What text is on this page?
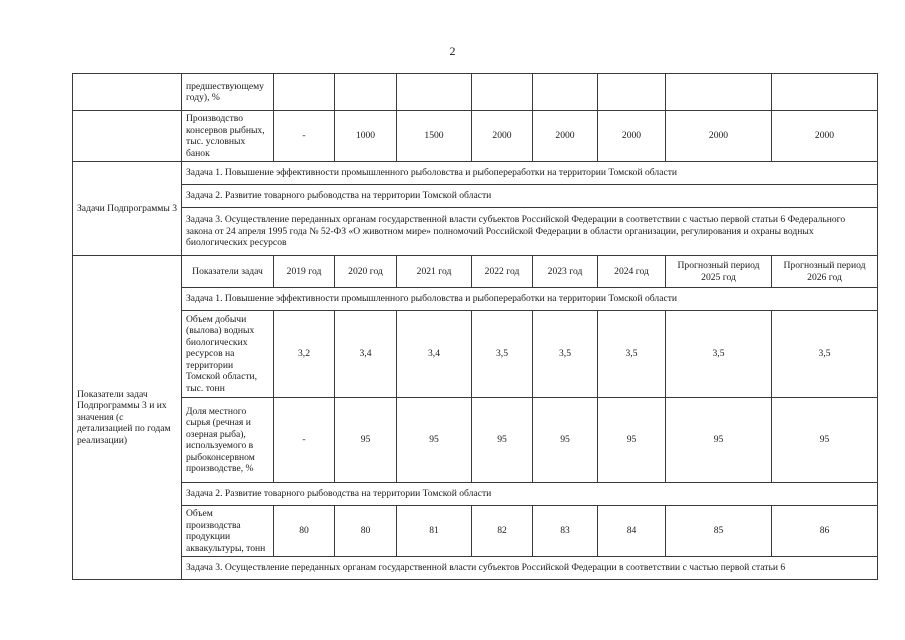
2
	предшествующему году), %								
	Производство консервов рыбных, тыс. условных банок	-	1000	1500	2000	2000	2000	2000	2000
Задачи Подпрограммы 3	Задача 1. Повышение эффективности промышленного рыболовства и рыбопереработки на территории Томской области								
	Задача 2. Развитие товарного рыбоводства на территории Томской области								
	Задача 3. Осуществление переданных органам государственной власти субъектов Российской Федерации в соответствии с частью первой статьи 6 Федерального закона от 24 апреля 1995 года № 52-ФЗ «О животном мире» полномочий Российской Федерации в области организации, регулирования и охраны водных биологических ресурсов								
Показатели задач Подпрограммы 3 и их значения (с детализацией по годам реализации)	Показатели задач	2019 год	2020 год	2021 год	2022 год	2023 год	2024 год	Прогнозный период 2025 год	Прогнозный период 2026 год
	Задача 1. Повышение эффективности промышленного рыболовства и рыбопереработки на территории Томской области								
	Объем добычи (вылова) водных биологических ресурсов на территории Томской области, тыс. тонн	3,2	3,4	3,4	3,5	3,5	3,5	3,5	3,5
	Доля местного сырья (речная и озерная рыба), используемого в рыбоконсервном производстве, %	-	95	95	95	95	95	95	95
	Задача 2. Развитие товарного рыбоводства на территории Томской области								
	Объем производства продукции аквакультуры, тонн	80	80	81	82	83	84	85	86
	Задача 3. Осуществление переданных органам государственной власти субъектов Российской Федерации в соответствии с частью первой статьи 6								
